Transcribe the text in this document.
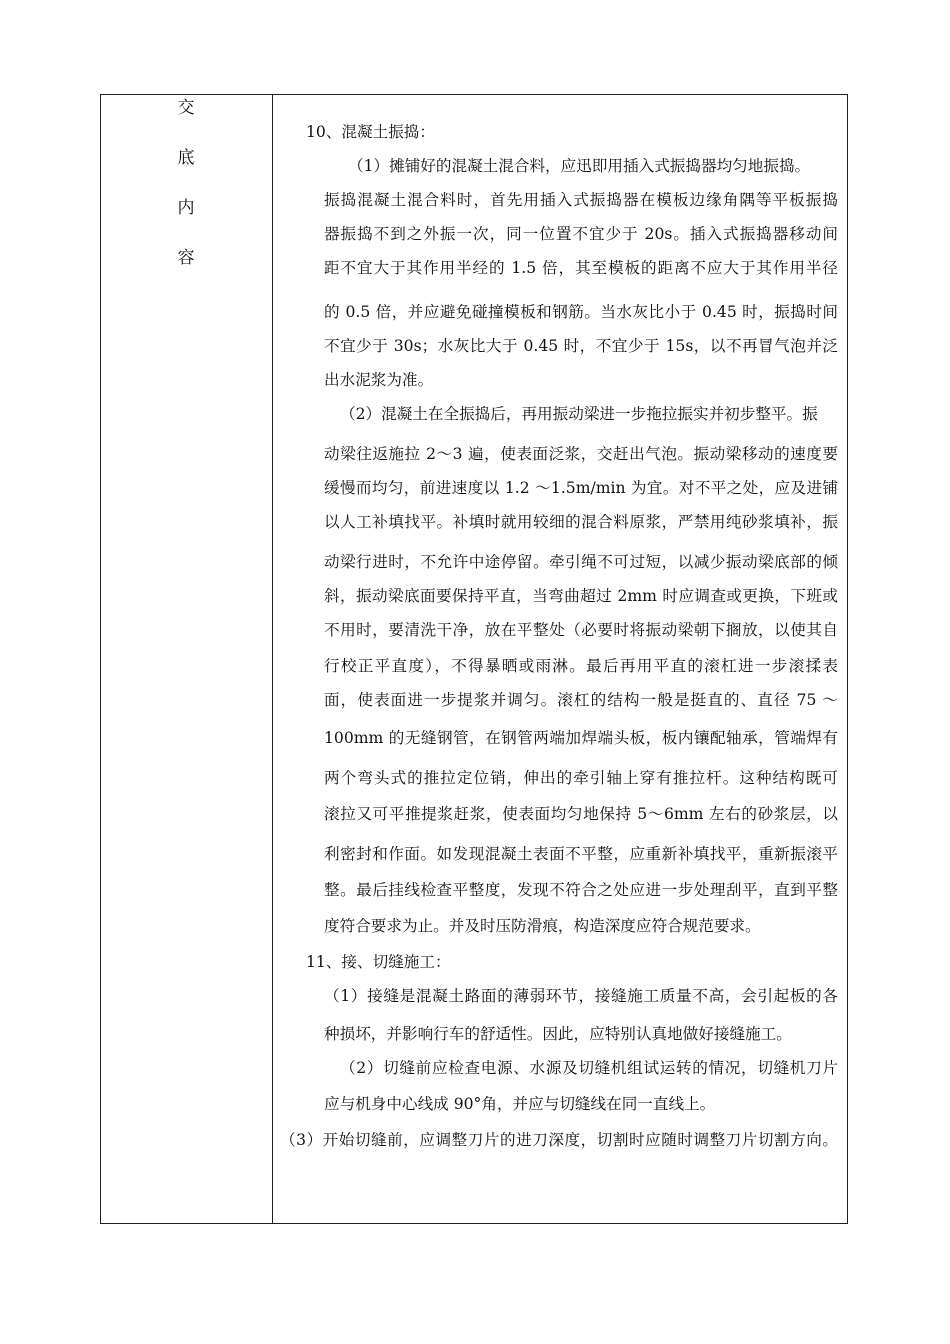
交
底
内
容
10、混凝土振捣：
（1）摊铺好的混凝土混合料，应迅即用插入式振捣器均匀地振捣。
振捣混凝土混合料时，首先用插入式振捣器在模板边缘角隅等平板振捣
器振捣不到之外振一次，同一位置不宜少于 20s。插入式振捣器移动间
距不宜大于其作用半经的 1.5 倍，其至模板的距离不应大于其作用半径
的 0.5 倍，并应避免碰撞模板和钢筋。当水灰比小于 0.45 时，振捣时间
不宜少于 30s；水灰比大于 0.45 时，不宜少于 15s，以不再冒气泡并泛
出水泥浆为准。
（2）混凝土在全振捣后，再用振动梁进一步拖拉振实并初步整平。振
动梁往返施拉 2～3 遍，使表面泛浆，交赶出气泡。振动梁移动的速度要
缓慢而均匀，前进速度以 1.2 ～1.5m/min 为宜。对不平之处，应及进铺
以人工补填找平。补填时就用较细的混合料原浆，严禁用纯砂浆填补，振
动梁行进时，不允许中途停留。牵引绳不可过短，以减少振动梁底部的倾
斜，振动梁底面要保持平直，当弯曲超过 2mm 时应调查或更换，下班或
不用时，要清洗干净，放在平整处（必要时将振动梁朝下搁放，以使其自
行校正平直度），不得暴晒或雨淋。最后再用平直的滚杠进一步滚揉表
面，使表面进一步提浆并调匀。滚杠的结构一般是挺直的、直径 75 ～
100mm 的无缝钢管，在钢管两端加焊端头板，板内镶配轴承，管端焊有
两个弯头式的推拉定位销，伸出的牵引轴上穿有推拉杆。这种结构既可
滚拉又可平推提浆赶浆，使表面均匀地保持 5～6mm 左右的砂浆层，以
利密封和作面。如发现混凝土表面不平整，应重新补填找平，重新振滚平
整。最后挂线检查平整度，发现不符合之处应进一步处理刮平，直到平整
度符合要求为止。并及时压防滑痕，构造深度应符合规范要求。
11、接、切缝施工：
（1）接缝是混凝土路面的薄弱环节，接缝施工质量不高，会引起板的各
种损坏，并影响行车的舒适性。因此，应特别认真地做好接缝施工。
（2）切缝前应检查电源、水源及切缝机组试运转的情况，切缝机刀片
应与机身中心线成 90°角，并应与切缝线在同一直线上。
（3）开始切缝前，应调整刀片的进刀深度，切割时应随时调整刀片切割方向。
